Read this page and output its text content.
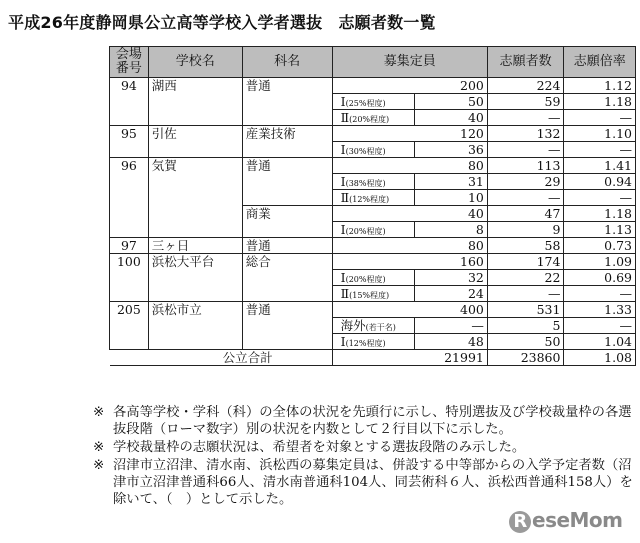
平成26年度静岡県公立高等学校入学者選抜　志願者数一覧
会場番号	学校名	科名	募集定員	志願者数	志願倍率
94	湖西	普通	200	224	1.12

			Ⅰ(25%程度) 50	59	1.18

			Ⅱ(20%程度) 40	—	—
95	引佐	産業技術	120	132	1.10

			Ⅰ(30%程度) 36	—	—
96	気賀	普通	80	113	1.41

			Ⅰ(38%程度) 31	29	0.94

			Ⅱ(12%程度) 10	—	—
		商業	40	47	1.18

			Ⅰ(20%程度) 8	9	1.13
97	三ヶ日	普通	80	58	0.73
100	浜松大平台	総合	160	174	1.09

			Ⅰ(20%程度) 32	22	0.69

			Ⅱ(15%程度) 24	—	—
205	浜松市立	普通	400	531	1.33

			海外(若干名) —	5	—

			Ⅰ(12%程度) 48	50	1.04

			公立合計 21991	23860	1.08
※ 各高等学校・学科（科）の全体の状況を先頭行に示し、特別選抜及び学校裁量枠の各選抜段階（ローマ数字）別の状況を内数として２行目以下に示した。
※ 学校裁量枠の志願状況は、希望者を対象とする選抜段階のみ示した。
※ 沼津市立沼津、清水南、浜松西の募集定員は、併設する中等部からの入学予定者数（沼津市立沼津普通科66人、清水南普通科104人、同芸術科６人、浜松西普通科158人）を除いて、（　）として示した。
R eseMom
